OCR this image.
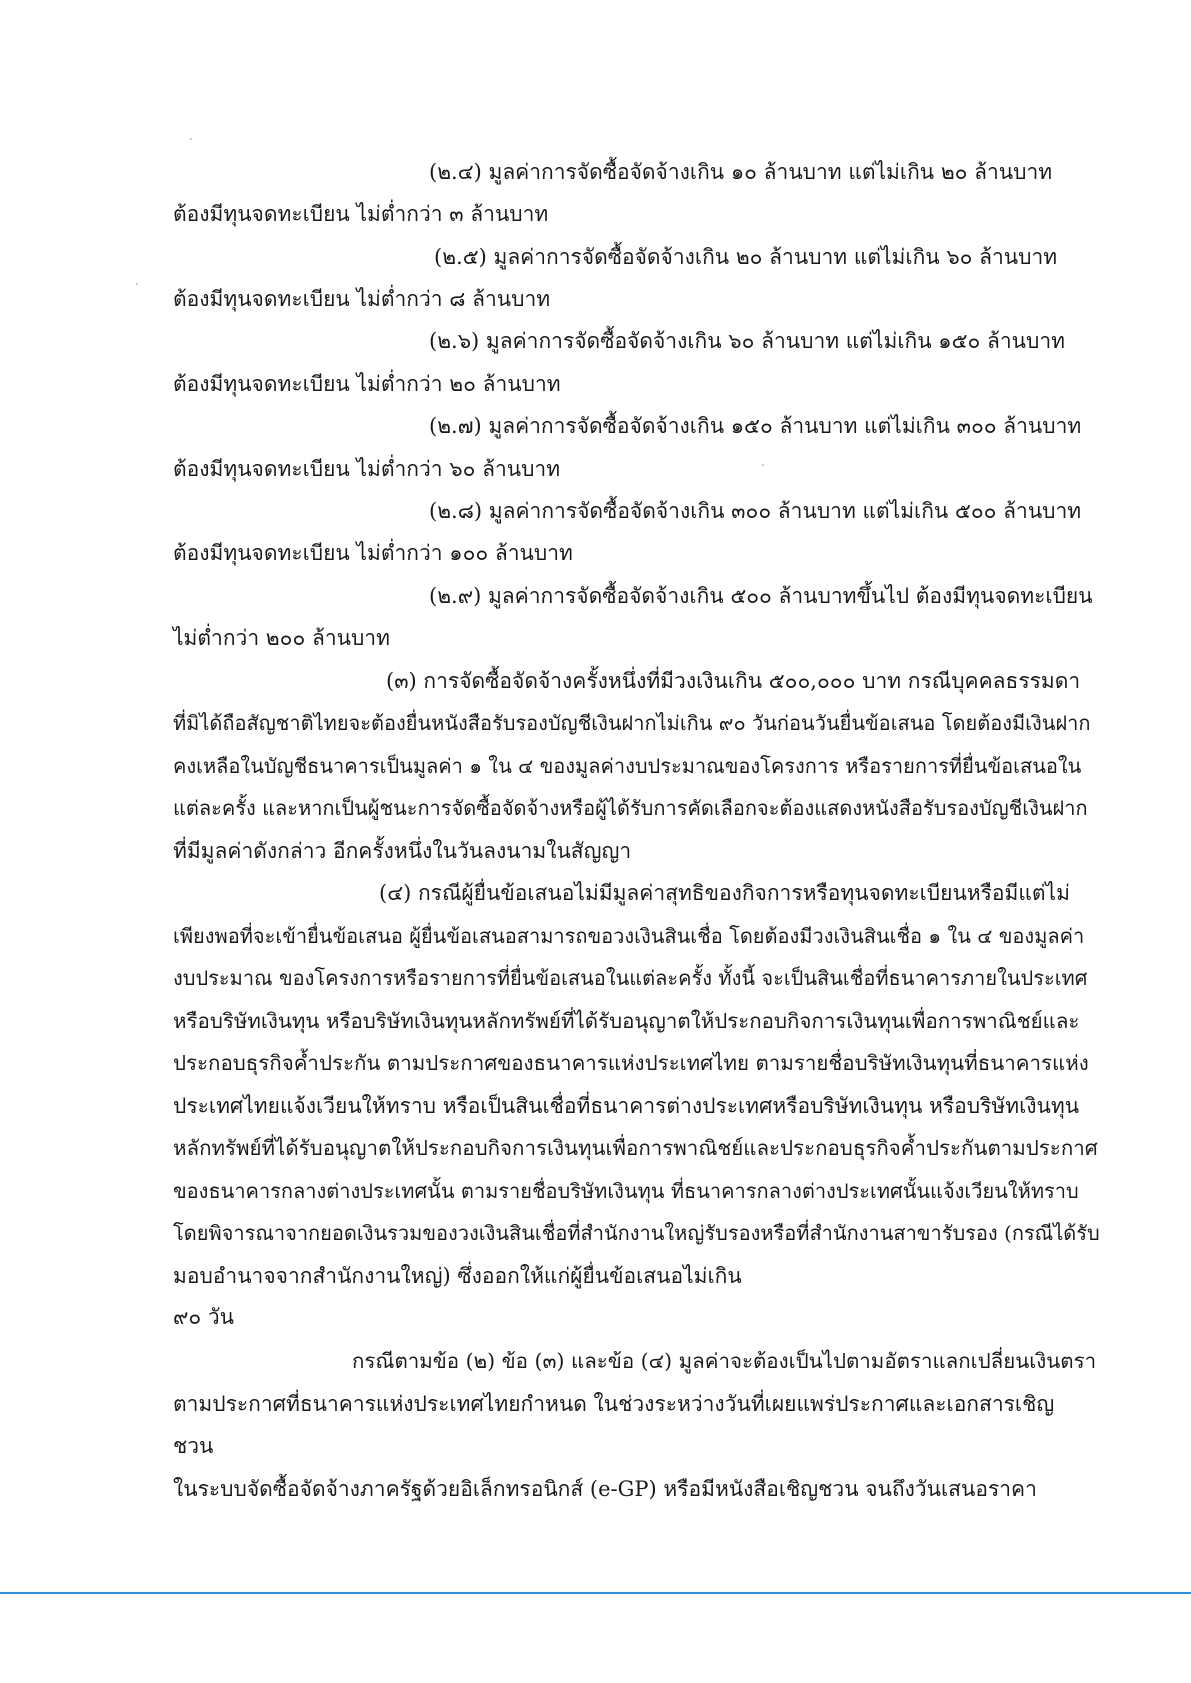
(๒.๔) มูลค่าการจัดซื้อจัดจ้างเกิน ๑๐ ล้านบาท แต่ไม่เกิน ๒๐ ล้านบาท
ต้องมีทุนจดทะเบียน ไม่ต่ำกว่า ๓ ล้านบาท
(๒.๕) มูลค่าการจัดซื้อจัดจ้างเกิน ๒๐ ล้านบาท แต่ไม่เกิน ๖๐ ล้านบาท
ต้องมีทุนจดทะเบียน ไม่ต่ำกว่า ๘ ล้านบาท
(๒.๖) มูลค่าการจัดซื้อจัดจ้างเกิน ๖๐ ล้านบาท แต่ไม่เกิน ๑๕๐ ล้านบาท
ต้องมีทุนจดทะเบียน ไม่ต่ำกว่า ๒๐ ล้านบาท
(๒.๗) มูลค่าการจัดซื้อจัดจ้างเกิน ๑๕๐ ล้านบาท แต่ไม่เกิน ๓๐๐ ล้านบาท
ต้องมีทุนจดทะเบียน ไม่ต่ำกว่า ๖๐ ล้านบาท
(๒.๘) มูลค่าการจัดซื้อจัดจ้างเกิน ๓๐๐ ล้านบาท แต่ไม่เกิน ๕๐๐ ล้านบาท
ต้องมีทุนจดทะเบียน ไม่ต่ำกว่า ๑๐๐ ล้านบาท
(๒.๙) มูลค่าการจัดซื้อจัดจ้างเกิน ๕๐๐ ล้านบาทขึ้นไป ต้องมีทุนจดทะเบียน
ไม่ต่ำกว่า ๒๐๐ ล้านบาท
(๓) การจัดซื้อจัดจ้างครั้งหนึ่งที่มีวงเงินเกิน ๕๐๐,๐๐๐ บาท กรณีบุคคลธรรมดา
ที่มิได้ถือสัญชาติไทยจะต้องยื่นหนังสือรับรองบัญชีเงินฝากไม่เกิน ๙๐ วันก่อนวันยื่นข้อเสนอ โดยต้องมีเงินฝาก
คงเหลือในบัญชีธนาคารเป็นมูลค่า ๑ ใน ๔ ของมูลค่างบประมาณของโครงการ หรือรายการที่ยื่นข้อเสนอใน
แต่ละครั้ง และหากเป็นผู้ชนะการจัดซื้อจัดจ้างหรือผู้ได้รับการคัดเลือกจะต้องแสดงหนังสือรับรองบัญชีเงินฝาก
ที่มีมูลค่าดังกล่าว อีกครั้งหนึ่งในวันลงนามในสัญญา
(๔) กรณีผู้ยื่นข้อเสนอไม่มีมูลค่าสุทธิของกิจการหรือทุนจดทะเบียนหรือมีแต่ไม่
เพียงพอที่จะเข้ายื่นข้อเสนอ ผู้ยื่นข้อเสนอสามารถขอวงเงินสินเชื่อ โดยต้องมีวงเงินสินเชื่อ ๑ ใน ๔ ของมูลค่า
งบประมาณ ของโครงการหรือรายการที่ยื่นข้อเสนอในแต่ละครั้ง ทั้งนี้ จะเป็นสินเชื่อที่ธนาคารภายในประเทศ
หรือบริษัทเงินทุน หรือบริษัทเงินทุนหลักทรัพย์ที่ได้รับอนุญาตให้ประกอบกิจการเงินทุนเพื่อการพาณิชย์และ
ประกอบธุรกิจค้ำประกัน ตามประกาศของธนาคารแห่งประเทศไทย ตามรายชื่อบริษัทเงินทุนที่ธนาคารแห่ง
ประเทศไทยแจ้งเวียนให้ทราบ หรือเป็นสินเชื่อที่ธนาคารต่างประเทศหรือบริษัทเงินทุน หรือบริษัทเงินทุน
หลักทรัพย์ที่ได้รับอนุญาตให้ประกอบกิจการเงินทุนเพื่อการพาณิชย์และประกอบธุรกิจค้ำประกันตามประกาศ
ของธนาคารกลางต่างประเทศนั้น ตามรายชื่อบริษัทเงินทุน ที่ธนาคารกลางต่างประเทศนั้นแจ้งเวียนให้ทราบ
โดยพิจารณาจากยอดเงินรวมของวงเงินสินเชื่อที่สำนักงานใหญ่รับรองหรือที่สำนักงานสาขารับรอง (กรณีได้รับ
มอบอำนาจจากสำนักงานใหญ่) ซึ่งออกให้แก่ผู้ยื่นข้อเสนอไม่เกิน
๙๐ วัน
กรณีตามข้อ (๒) ข้อ (๓) และข้อ (๔) มูลค่าจะต้องเป็นไปตามอัตราแลกเปลี่ยนเงินตรา
ตามประกาศที่ธนาคารแห่งประเทศไทยกำหนด ในช่วงระหว่างวันที่เผยแพร่ประกาศและเอกสารเชิญ
ชวน
ในระบบจัดซื้อจัดจ้างภาครัฐด้วยอิเล็กทรอนิกส์ (e-GP) หรือมีหนังสือเชิญชวน จนถึงวันเสนอราคา
